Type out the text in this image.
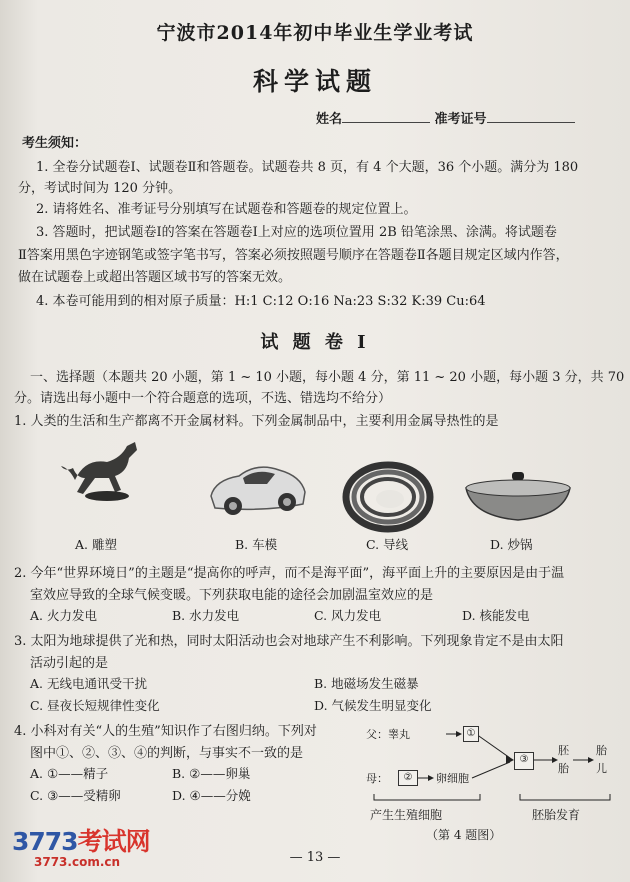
宁波市2014年初中毕业生学业考试
科学试题
姓名	准考证号
考生须知：
1. 全卷分试题卷Ⅰ、试题卷Ⅱ和答题卷。试题卷共 8 页，有 4 个大题，36 个小题。满分为 180
分，考试时间为 120 分钟。
2. 请将姓名、准考证号分别填写在试题卷和答题卷的规定位置上。
3. 答题时，把试题卷Ⅰ的答案在答题卷Ⅰ上对应的选项位置用 2B 铅笔涂黑、涂满。将试题卷
Ⅱ答案用黑色字迹钢笔或签字笔书写，答案必须按照题号顺序在答题卷Ⅱ各题目规定区域内作答，
做在试题卷上或超出答题区域书写的答案无效。
4. 本卷可能用到的相对原子质量：H:1 C:12 O:16 Na:23 S:32 K:39 Cu:64
试 题 卷 Ⅰ
一、选择题（本题共 20 小题，第 1 ~ 10 小题，每小题 4 分，第 11 ~ 20 小题，每小题 3 分，共 70
分。请选出每小题中一个符合题意的选项，不选、错选均不给分）
1. 人类的生活和生产都离不开金属材料。下列金属制品中，主要利用金属导热性的是
A. 雕塑	B. 车模	C. 导线	D. 炒锅
2. 今年“世界环境日”的主题是“提高你的呼声，而不是海平面”，海平面上升的主要原因是由于温
室效应导致的全球气候变暖。下列获取电能的途径会加剧温室效应的是
A. 火力发电	B. 水力发电	C. 风力发电	D. 核能发电
3. 太阳为地球提供了光和热，同时太阳活动也会对地球产生不利影响。下列现象肯定不是由太阳
活动引起的是
A. 无线电通讯受干扰	B. 地磁场发生磁暴
C. 昼夜长短规律性变化	D. 气候发生明显变化
4. 小科对有关“人的生殖”知识作了右图归纳。下列对
图中①、②、③、④的判断，与事实不一致的是
A. ①——精子	B. ②——卵巢
C. ③——受精卵	D. ④——分娩
父：睾丸	①
母：	②	卵细胞
③
胚
胎
胎
儿
产生生殖细胞	胚胎发育
（第 4 题图）
— 13 —
3773考试网
3773.com.cn
